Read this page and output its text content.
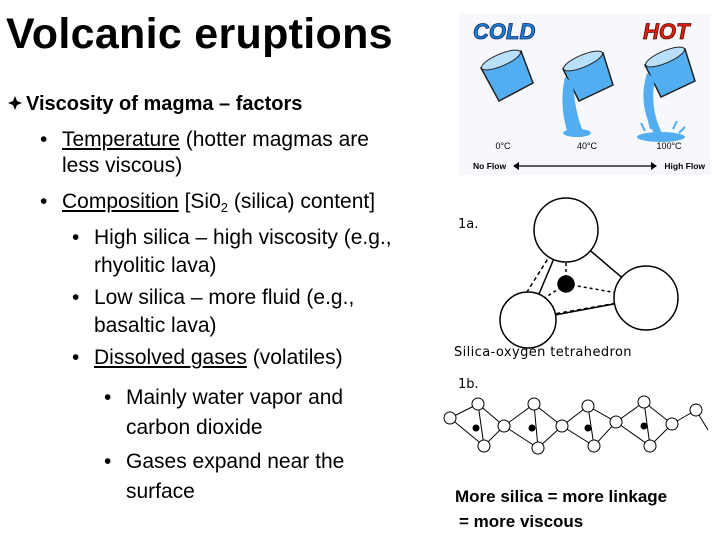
Volcanic eruptions
Viscosity of magma – factors
• Temperature (hotter magmas are
less viscous)
• Composition [$Si0_2$ (silica) content]
• High silica – high viscosity (e.g.,
rhyolitic lava)
• Low silica – more fluid (e.g.,
basaltic lava)
• Dissolved gases (volatiles)
• Mainly water vapor and
carbon dioxide
• Gases expand near the
surface
COLD	HOT
0°C	40°C	100°C
No Flow	High Flow
1a.
Silica-oxygen tetrahedron
1b.
More silica = more linkage
= more viscous
